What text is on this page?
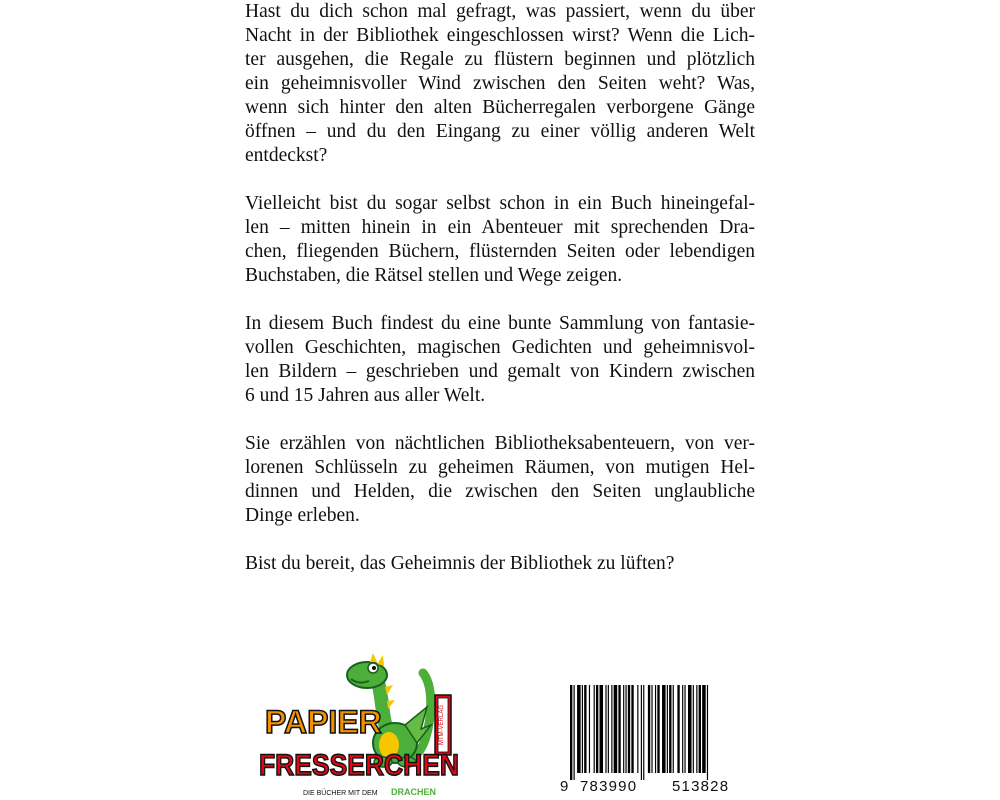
Hast du dich schon mal gefragt, was passiert, wenn du über
Nacht in der Bibliothek eingeschlossen wirst? Wenn die Lich-
ter ausgehen, die Regale zu flüstern beginnen und plötzlich
ein geheimnisvoller Wind zwischen den Seiten weht? Was,
wenn sich hinter den alten Bücherregalen verborgene Gänge
öffnen – und du den Eingang zu einer völlig anderen Welt
entdeckst?

Vielleicht bist du sogar selbst schon in ein Buch hineingefal-
len – mitten hinein in ein Abenteuer mit sprechenden Dra-
chen, fliegenden Büchern, flüsternden Seiten oder lebendigen
Buchstaben, die Rätsel stellen und Wege zeigen.

In diesem Buch findest du eine bunte Sammlung von fantasie-
vollen Geschichten, magischen Gedichten und geheimnisvol-
len Bildern – geschrieben und gemalt von Kindern zwischen
6 und 15 Jahren aus aller Welt.

Sie erzählen von nächtlichen Bibliotheksabenteuern, von ver-
lorenen Schlüsseln zu geheimen Räumen, von mutigen Hel-
dinnen und Helden, die zwischen den Seiten unglaubliche
Dinge erleben.

Bist du bereit, das Geheimnis der Bibliothek zu lüften?

MTM-VERLAG
PAPIER
FRESSERCHEN
DIE BÜCHER MIT DEM DRACHEN	9 783990 513828
